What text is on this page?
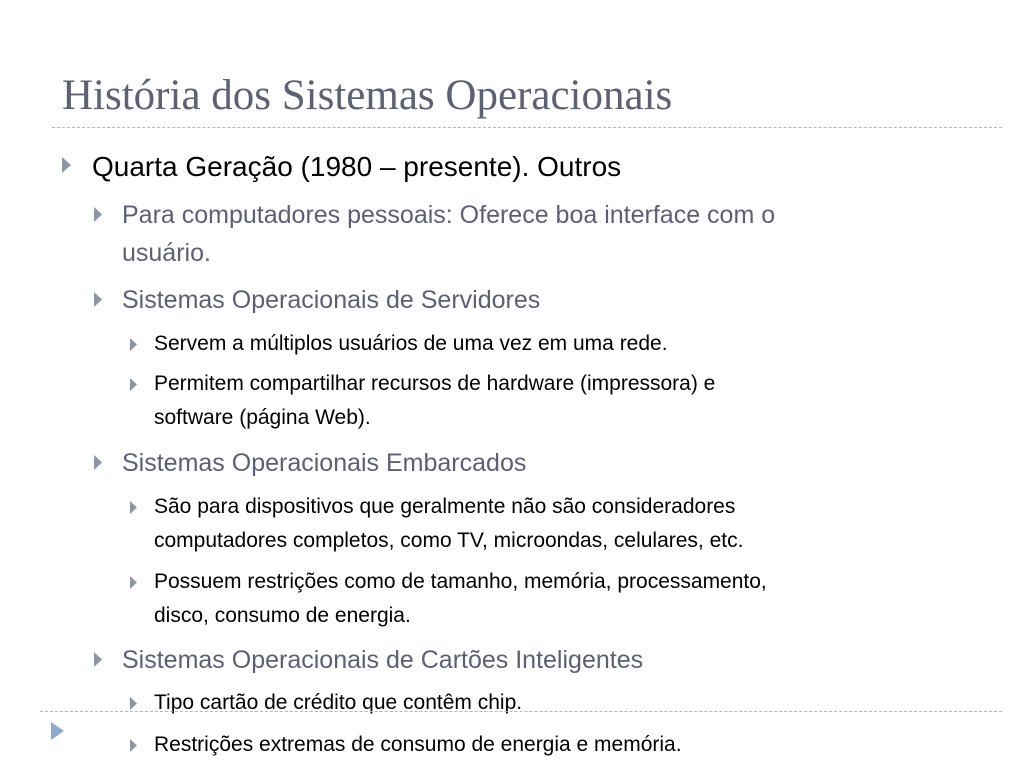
História dos Sistemas Operacionais
Quarta Geração (1980 – presente). Outros
Para computadores pessoais: Oferece boa interface com o
usuário.
Sistemas Operacionais de Servidores
Servem a múltiplos usuários de uma vez em uma rede.
Permitem compartilhar recursos de hardware (impressora) e
software (página Web).
Sistemas Operacionais Embarcados
São para dispositivos que geralmente não são consideradores
computadores completos, como TV, microondas, celulares, etc.
Possuem restrições como de tamanho, memória, processamento,
disco, consumo de energia.
Sistemas Operacionais de Cartões Inteligentes
Tipo cartão de crédito que contêm chip.
Restrições extremas de consumo de energia e memória.
